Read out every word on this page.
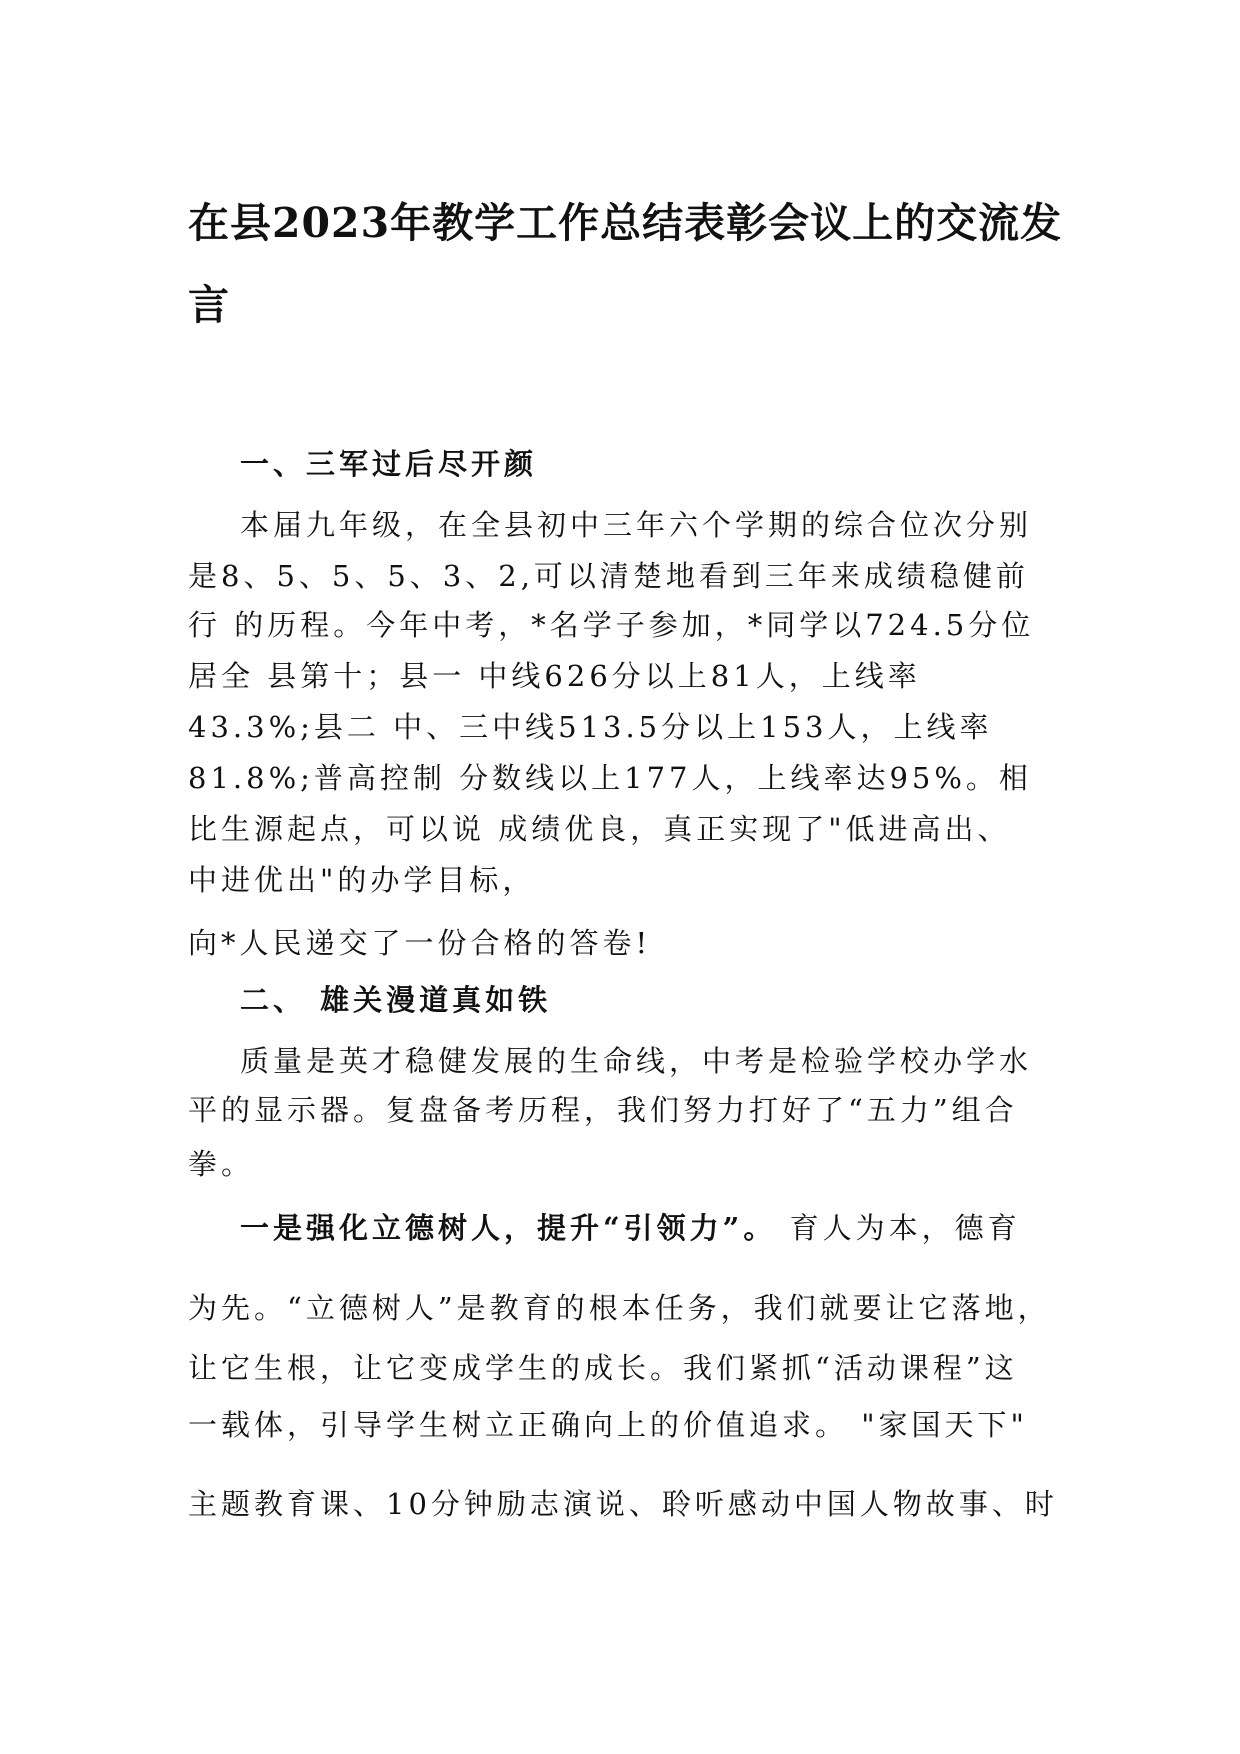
在县2023年教学工作总结表彰会议上的交流发言
一、三军过后尽开颜
本届九年级，在全县初中三年六个学期的综合位次分别
是8、5、5、5、3、2,可以清楚地看到三年来成绩稳健前
行 的历程。今年中考，*名学子参加，*同学以724.5分位
居全 县第十；县一 中线626分以上81人，上线率
43.3%;县二 中、三中线513.5分以上153人，上线率
81.8%;普高控制 分数线以上177人，上线率达95%。相
比生源起点，可以说 成绩优良，真正实现了"低进高出、
中进优出"的办学目标，
向*人民递交了一份合格的答卷!
二、 雄关漫道真如铁
质量是英才稳健发展的生命线，中考是检验学校办学水
平的显示器。复盘备考历程，我们努力打好了“五力”组合
拳。
一是强化立德树人，提升“引领力”。 育人为本，德育
为先。“立德树人”是教育的根本任务，我们就要让它落地，
让它生根，让它变成学生的成长。我们紧抓“活动课程”这
一载体，引导学生树立正确向上的价值追求。 "家国天下"
主题教育课、10分钟励志演说、聆听感动中国人物故事、时
